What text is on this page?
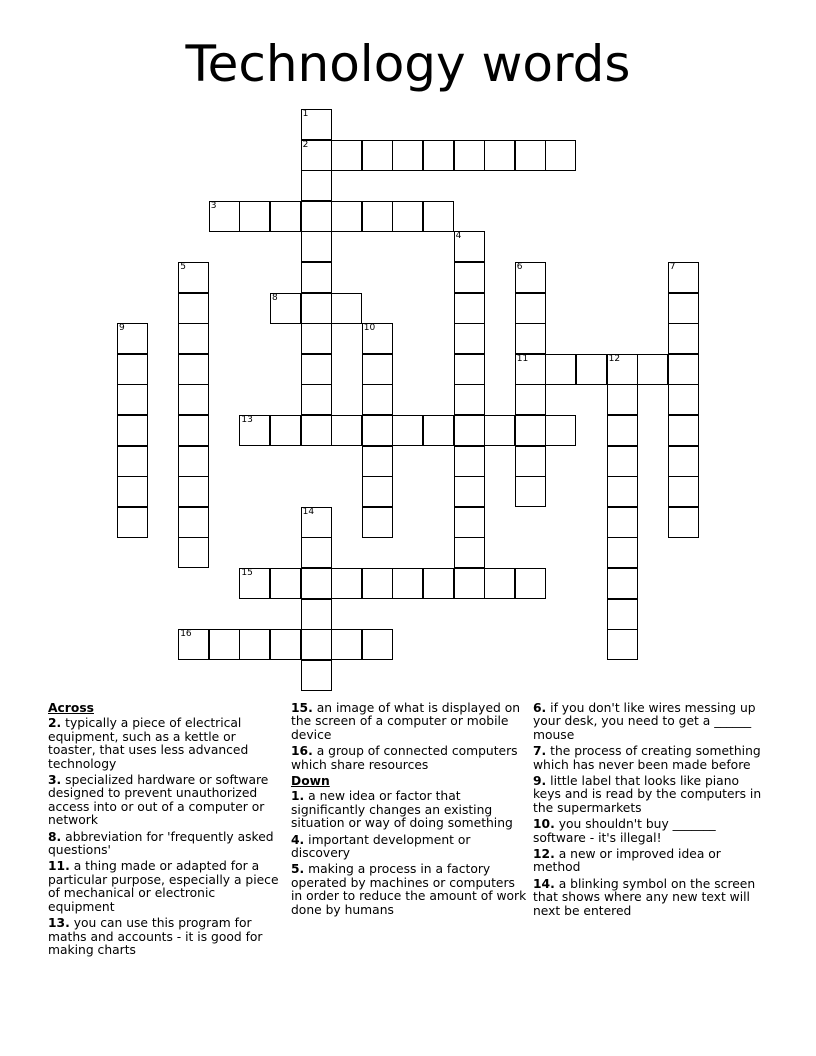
Technology words
1
2
3
4
5	6
11
7
8
9	10
12
13
14
15
16
Across
2. typically a piece of electrical equipment, such as a kettle or toaster, that uses less advanced technology
3. specialized hardware or software designed to prevent unauthorized access into or out of a computer or network
8. abbreviation for 'frequently asked questions'
11. a thing made or adapted for a particular purpose, especially a piece of mechanical or electronic equipment
13. you can use this program for maths and accounts - it is good for making charts
15. an image of what is displayed on the screen of a computer or mobile device
16. a group of connected computers which share resources
Down
1. a new idea or factor that significantly changes an existing situation or way of doing something
4. important development or discovery
5. making a process in a factory operated by machines or computers in order to reduce the amount of work done by humans
6. if you don't like wires messing up your desk, you need to get a ______ mouse
7. the process of creating something which has never been made before
9. little label that looks like piano keys and is read by the computers in the supermarkets
10. you shouldn't buy _______ software - it's illegal!
12. a new or improved idea or method
14. a blinking symbol on the screen that shows where any new text will next be entered
